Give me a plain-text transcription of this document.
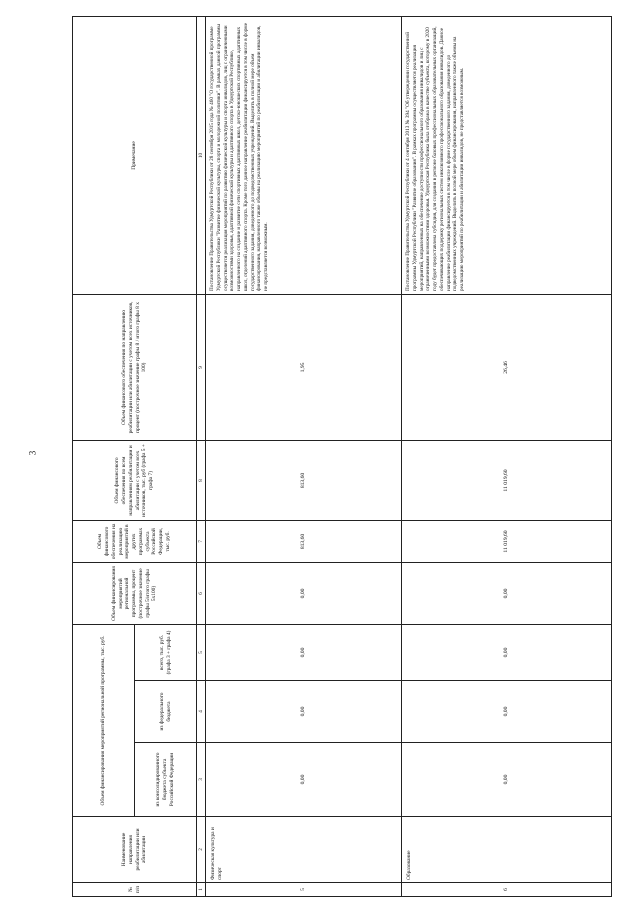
3
№ п/п	Наименование направления реабилитации или абилитации	Объем финансирования мероприятий региональной программы, тыс. руб.			Объем финансирования мероприятий региональной программы, процент (построчное значение графы 5/итого графы 5x100)	Объем финансового обеспечения на реализацию мероприятий в других программах субъекта Российской Федерации, тыс. руб.	Объем финансового обеспечения по всем направлениям реабилитации и абилитации с учетом всех источников, тыс. руб (графа 5 + графа 7)	Объем финансового обеспечения по направлению реабилитации или абилитации с учетом всех источников, процент (построчное значение графы 8 / итого графы 8 x 100)	Примечание
		из консолидированного бюджета субъекта Российской Федерации	из федерального бюджета	всего, тыс. руб. (графа 3 + графа 4)					
1	2	3	4	5	6	7	8	9	10
5	Физическая культура и спорт	0,00	0,00	0,00	0,00	813,60	813,60	1,95	Постановление Правительства Удмуртской Республики от 28 сентября 2015 года № 460 "О государственной программе Удмуртской Республики "Развитие физической культуры, спорта и молодежной политики". В рамках данной программы осуществляется реализация мероприятий по развитию физической культуры и спорта инвалидов, лиц с ограниченными возможностями здоровья, адаптивной физической культуры и адаптивного спорта в Удмуртской Республике, направленного на создание и развитие сети спортивных адаптивных школ, детско-юношеских спортивных адаптивных школ, отделений адаптивного спорта. Кроме того данное направление реабилитации финансируется в том числе в форме государственного задания, доведенного до подведомственных учреждений. Выделить в полной мере объем финансирования, направленного также объемы на реализацию мероприятий по реабилитации и абилитации инвалидов, не представляется возможным.
6	Образование	0,00	0,00	0,00	0,00	11 019,60	11 019,60	26,46	Постановление Правительства Удмуртской Республики от 4 сентября 2013 № 394 "Об утверждении государственной программы Удмуртской Республики "Развитие образования". В рамках программы осуществляется реализация мероприятий, направленных на обеспечение доступности профессионального образования инвалидов и лиц с ограниченными возможностями здоровья. Удмуртская Республика была отобрана в качестве субъекта, которому в 2020 году будет предоставлена субсидия, для создания в регионе базовых профессиональных образовательных организаций, обеспечивающих поддержку региональных систем инклюзивного профессионального образования инвалидов. Данное направление реабилитации финансируется в том числе в форме государственного задания, доведенного до подведомственных учреждений. Выделить в полной мере объем финансирования, направленного также объемы на реализацию мероприятий по реабилитации и абилитации инвалидов, не представляется возможным.
